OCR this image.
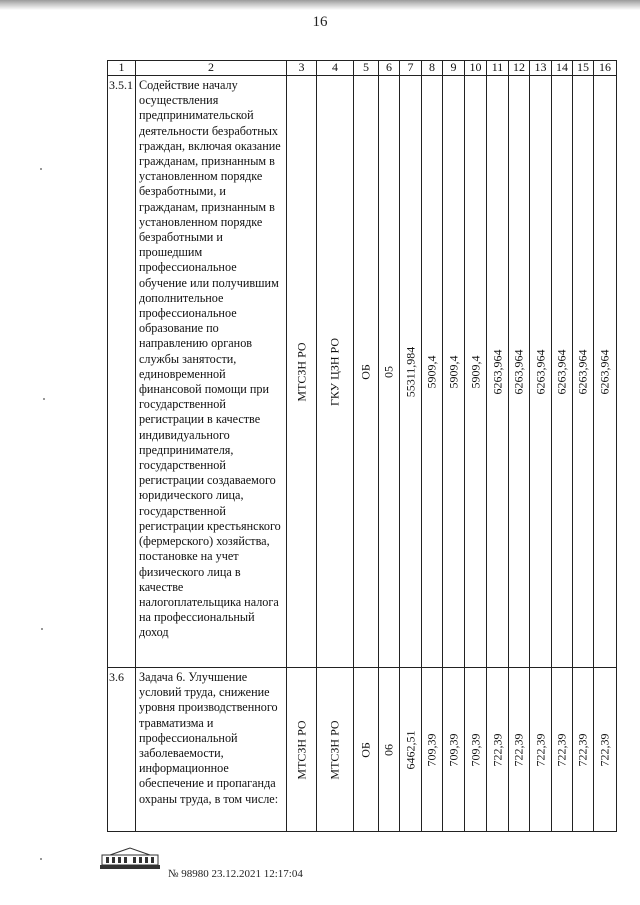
16
1	2	3	4	5	6	7	8	9	10	11	12	13	14	15	16
3.5.1	Содействие началу осуществления предпринимательской деятельности безработных граждан, включая оказание гражданам, признанным в установленном порядке безработными, и гражданам, признанным в установленном порядке безработными и прошедшим профессиональное обучение или получившим дополнительное профессиональное образование по направлению органов службы занятости, единовременной финансовой помощи при государственной регистрации в качестве индивидуального предпринимателя, государственной регистрации создаваемого юридического лица, государственной регистрации крестьянского (фермерского) хозяйства, постановке на учет физического лица в качестве налогоплательщика налога на профессиональный доход	МТСЗН РО	ГКУ ЦЗН РО	ОБ	05	55311,984	5909,4	5909,4	5909,4	6263,964	6263,964	6263,964	6263,964	6263,964	6263,964

3.6	Задача 6. Улучшение условий труда, снижение уровня производственного травматизма и профессиональной заболеваемости, информационное обеспечение и пропаганда охраны труда, в том числе:	МТСЗН РО	МТСЗН РО	ОБ	06	6462,51	709,39	709,39	709,39	722,39	722,39	722,39	722,39	722,39	722,39
№ 98980 23.12.2021 12:17:04
